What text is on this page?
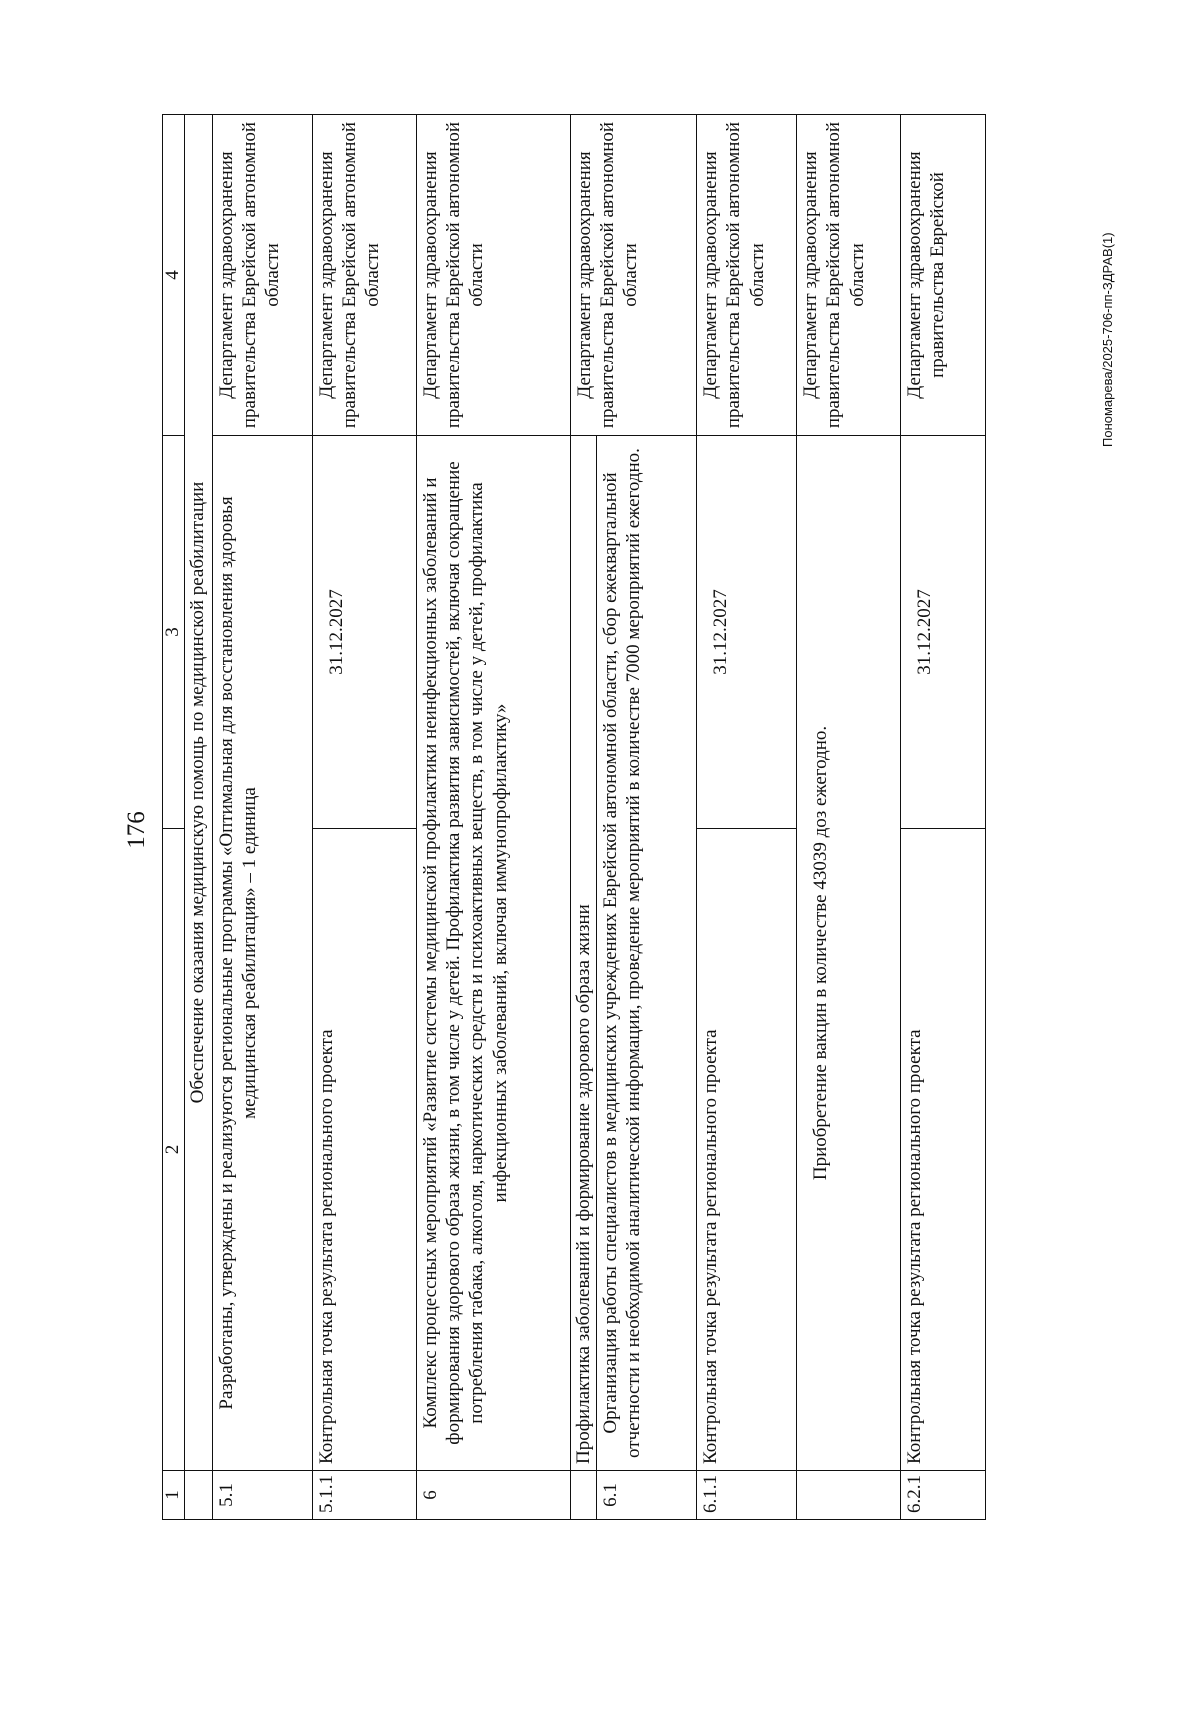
176
1	2	3	4
	Обеспечение оказания медицинскую помощь по медицинской реабилитации		
5.1	Разработаны, утверждены и реализуются региональные программы «Оптимальная для восстановления здоровья медицинская реабилитация» – 1 единица		Департамент здравоохранения правительства Еврейской автономной области

5.1.1	Контрольная точка результата регионального проекта	31.12.2027	Департамент здравоохранения правительства Еврейской автономной области

6	Комплекс процессных мероприятий «Развитие системы медицинской профилактики неинфекционных заболеваний и формирования здорового образа жизни, в том числе у детей. Профилактика развития зависимостей, включая сокращение потребления табака, алкоголя, наркотических средств и психоактивных веществ, в том числе у детей, профилактика инфекционных заболеваний, включая иммунопрофилактику»		Департамент здравоохранения правительства Еврейской автономной области

	Профилактика заболеваний и формирование здорового образа жизни		Департамент здравоохранения правительства Еврейской автономной области

6.1	Организация работы специалистов в медицинских учреждениях Еврейской автономной области, сбор ежеквартальной отчетности и необходимой аналитической информации, проведение мероприятий в количестве 7000 мероприятий ежегодно.		
6.1.1	Контрольная точка результата регионального проекта	31.12.2027	Департамент здравоохранения правительства Еврейской автономной области

	Приобретение вакцин в количестве 43039 доз ежегодно.		Департамент здравоохранения правительства Еврейской автономной области

6.2.1	Контрольная точка результата регионального проекта	31.12.2027	Департамент здравоохранения правительства Еврейской	Пономарева/2025-706-пп-ЗДРАВ(1)
